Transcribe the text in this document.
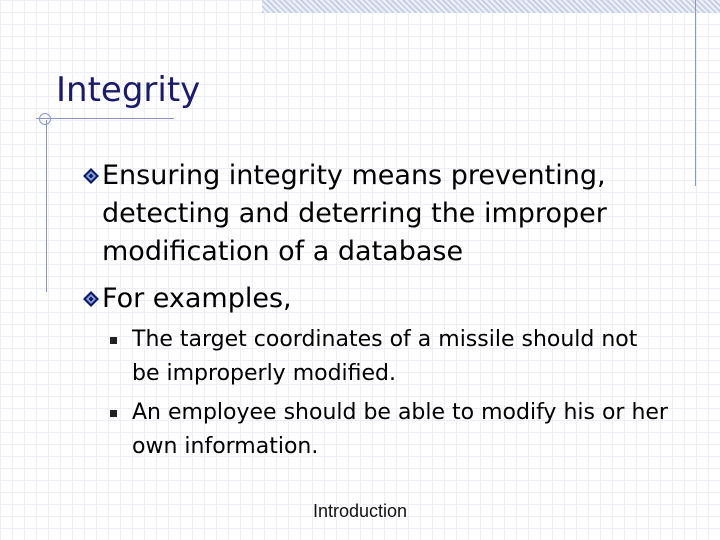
Integrity
Ensuring integrity means preventing, detecting and deterring the improper modification of a database
For examples,
The target coordinates of a missile should not be improperly modified.
An employee should be able to modify his or her own information.
Introduction
